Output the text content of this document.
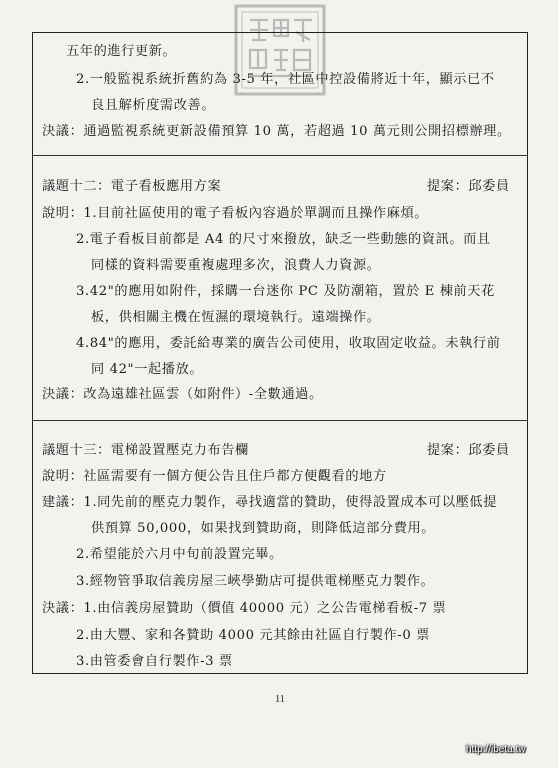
五年的進行更新。
2.一般監視系統折舊約為 3-5 年，社區中控設備將近十年，顯示已不
良且解析度需改善。
決議：通過監視系統更新設備預算 10 萬，若超過 10 萬元則公開招標辦理。
議題十二：電子看板應用方案	提案：邱委員
說明：1.目前社區使用的電子看板內容過於單調而且操作麻煩。
2.電子看板目前都是 A4 的尺寸來撥放，缺乏一些動態的資訊。而且
同樣的資料需要重複處理多次，浪費人力資源。
3.42"的應用如附件，採購一台迷你 PC 及防潮箱，置於 E 棟前天花
板，供相關主機在恆濕的環境執行。遠端操作。
4.84"的應用，委託給專業的廣告公司使用，收取固定收益。未執行前
同 42"一起播放。
決議：改為遠雄社區雲（如附件）-全數通過。
議題十三：電梯設置壓克力布告欄	提案：邱委員
說明：社區需要有一個方便公告且住戶都方便觀看的地方
建議：1.同先前的壓克力製作，尋找適當的贊助，使得設置成本可以壓低提
供預算 50,000，如果找到贊助商，則降低這部分費用。
2.希望能於六月中旬前設置完畢。
3.經物管爭取信義房屋三峽學勤店可提供電梯壓克力製作。
決議：1.由信義房屋贊助（價值 40000 元）之公告電梯看板-7 票
2.由大豐、家和各贊助 4000 元其餘由社區自行製作-0 票
3.由管委會自行製作-3 票
11
http://ibeta.tw
